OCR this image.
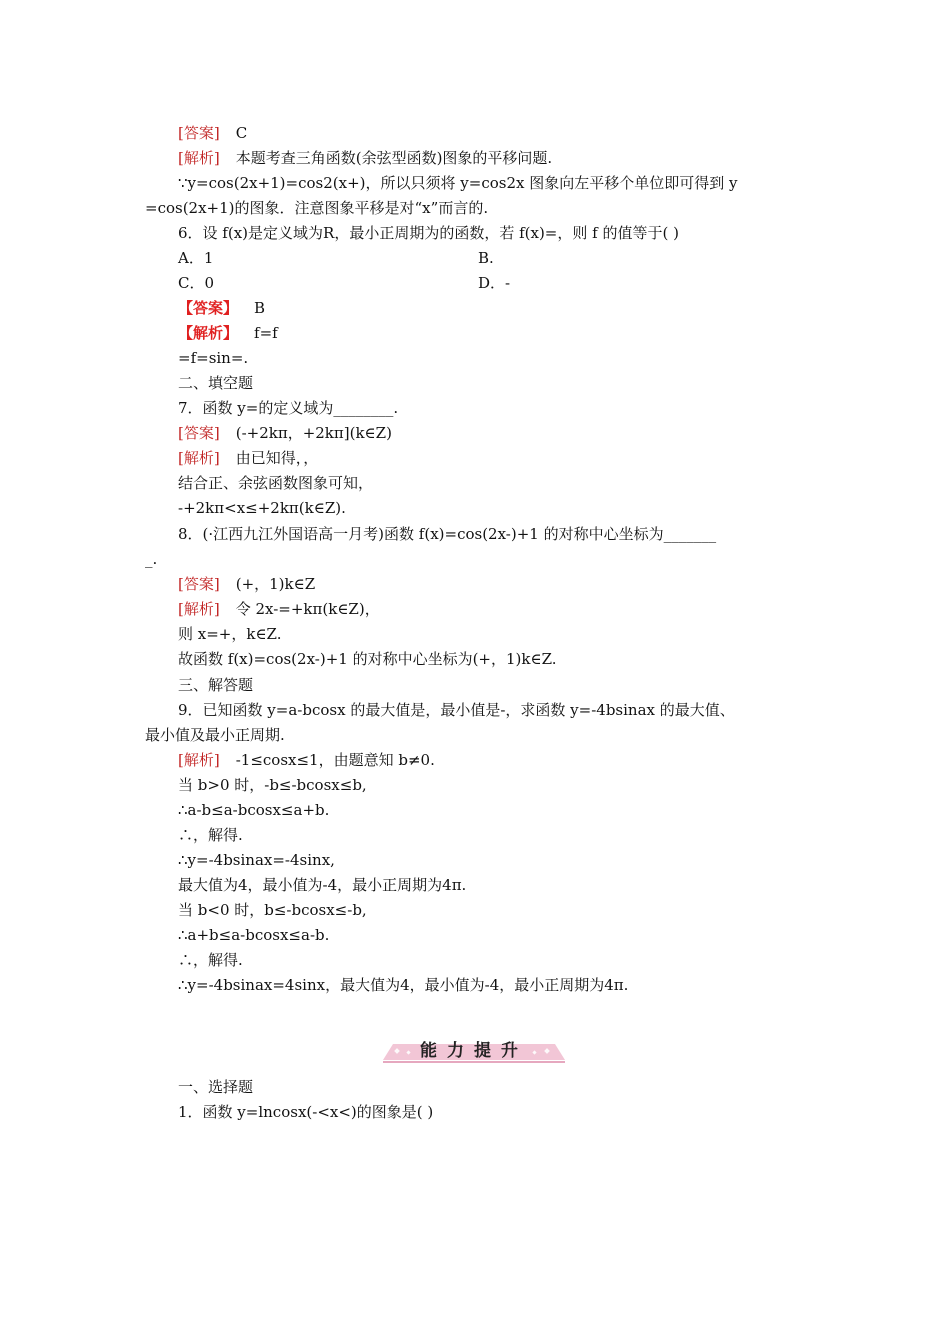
[答案] C
[解析] 本题考查三角函数(余弦型函数)图象的平移问题.
∵y=cos(2x+1)=cos2(x+)，所以只须将 y=cos2x 图象向左平移个单位即可得到 y
=cos(2x+1)的图象．注意图象平移是对“x”而言的.
6．设 f(x)是定义域为R，最小正周期为的函数，若 f(x)=，则 f 的值等于( )
A．1	B.
C．0	D．-
【答案】 B
【解析】 f=f
=f=sin=.
二、填空题
7．函数 y=的定义域为________.
[答案] (-+2kπ，+2kπ](k∈Z)
[解析] 由已知得，，
结合正、余弦函数图象可知，
-+2kπ<x≤+2kπ(k∈Z).
8．(·江西九江外国语高一月考)函数 f(x)=cos(2x-)+1 的对称中心坐标为_______
_.
[答案] (+，1)k∈Z
[解析] 令 2x-=+kπ(k∈Z)，
则 x=+，k∈Z.
故函数 f(x)=cos(2x-)+1 的对称中心坐标为(+，1)k∈Z.
三、解答题
9．已知函数 y=a-bcosx 的最大值是，最小值是-，求函数 y=-4bsinax 的最大值、
最小值及最小正周期.
[解析] -1≤cosx≤1，由题意知 b≠0.
当 b>0 时，-b≤-bcosx≤b,
∴a-b≤a-bcosx≤a+b.
∴，解得.
∴y=-4bsinax=-4sinx,
最大值为4，最小值为-4，最小正周期为4π.
当 b<0 时，b≤-bcosx≤-b,
∴a+b≤a-bcosx≤a-b.
∴，解得.
∴y=-4bsinax=4sinx，最大值为4，最小值为-4，最小正周期为4π.
能力提升
一、选择题
1．函数 y=lncosx(-<x<)的图象是( )
